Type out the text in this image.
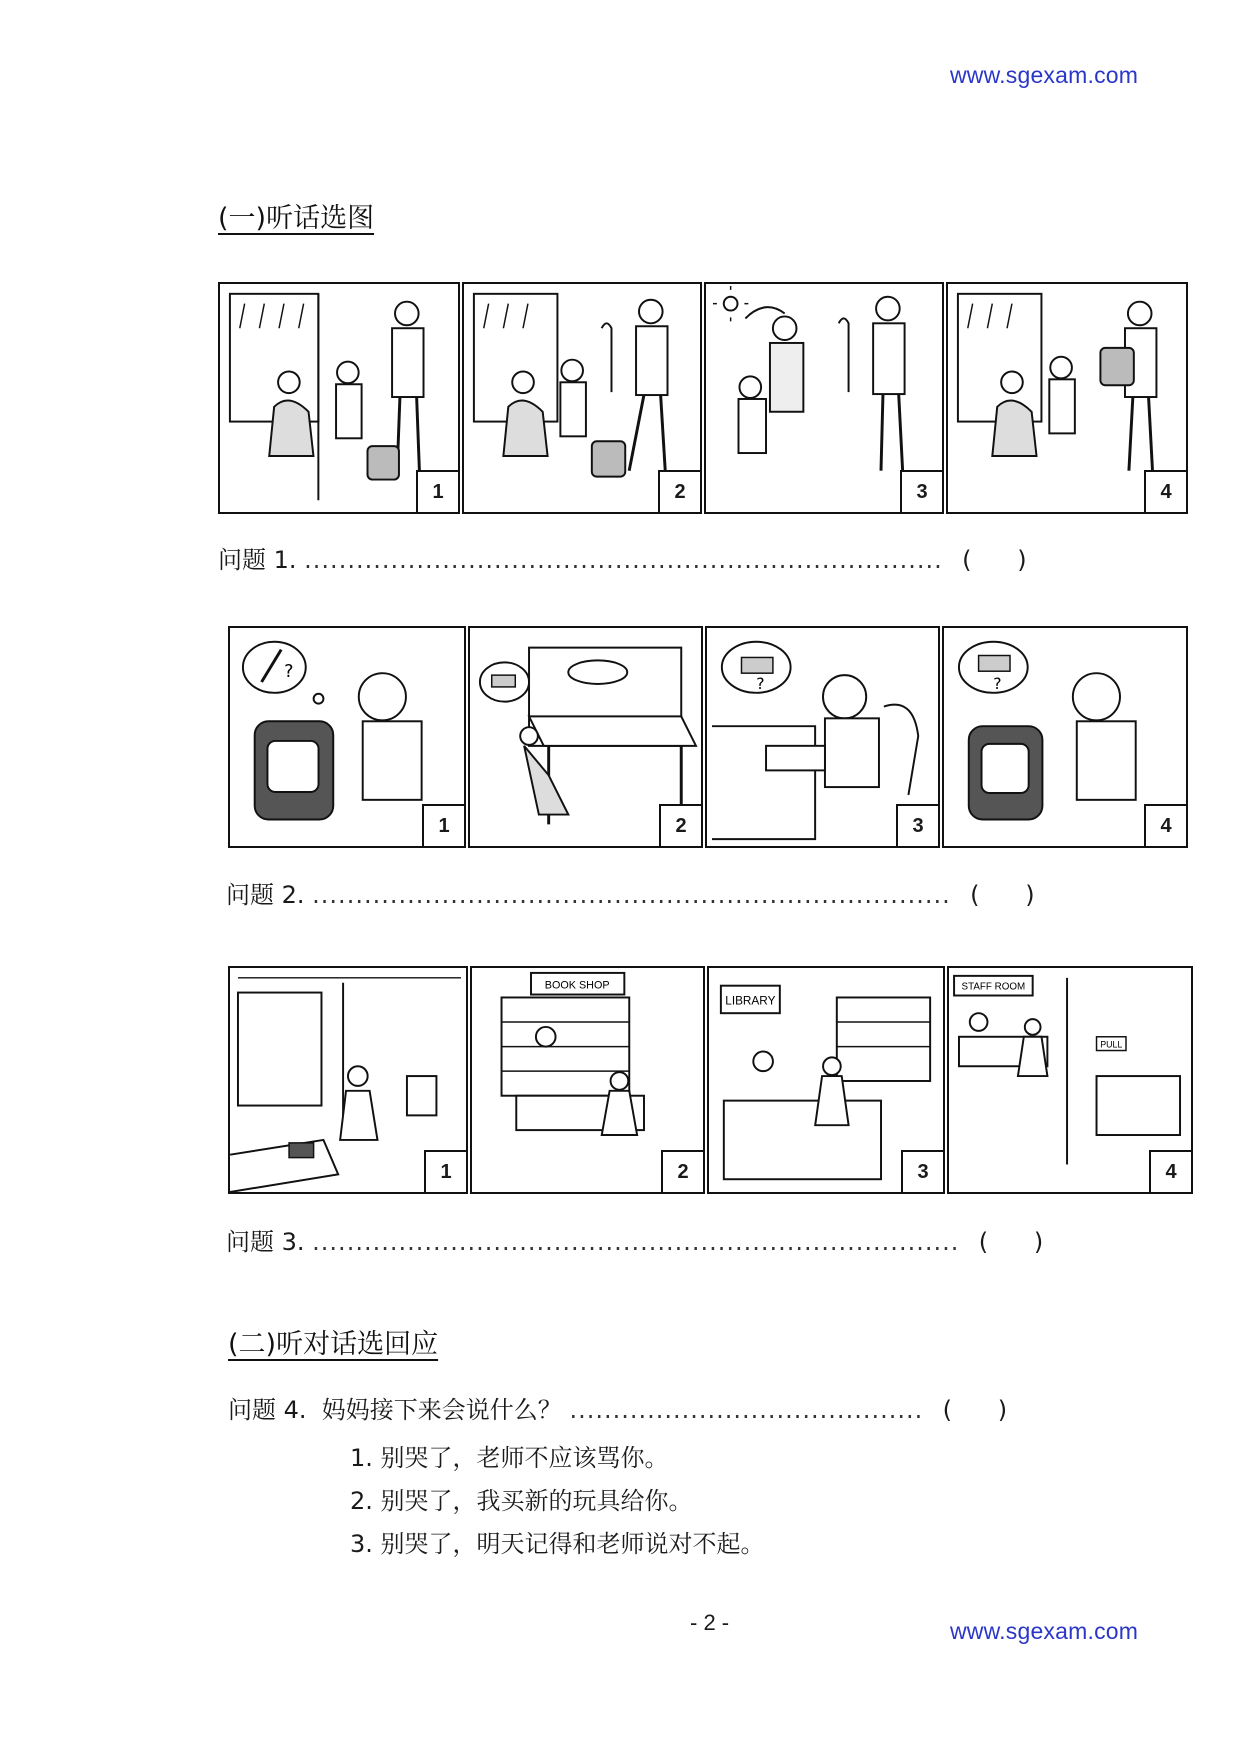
www.sgexam.com
www.sgexam.com
(一)听话选图
1	2	3	4
问题 1. .......................................................................... ( )
?
1	2
?
3
?
4
问题 2. .......................................................................... ( )
1
BOOK SHOP
2
LIBRARY
3
STAFF ROOM
PULL
4
问题 3. ........................................................................... ( )
(二)听对话选回应
问题 4. 妈妈接下来会说什么？ ......................................... ( )
1. 别哭了，老师不应该骂你。
2. 别哭了，我买新的玩具给你。
3. 别哭了，明天记得和老师说对不起。
- 2 -
